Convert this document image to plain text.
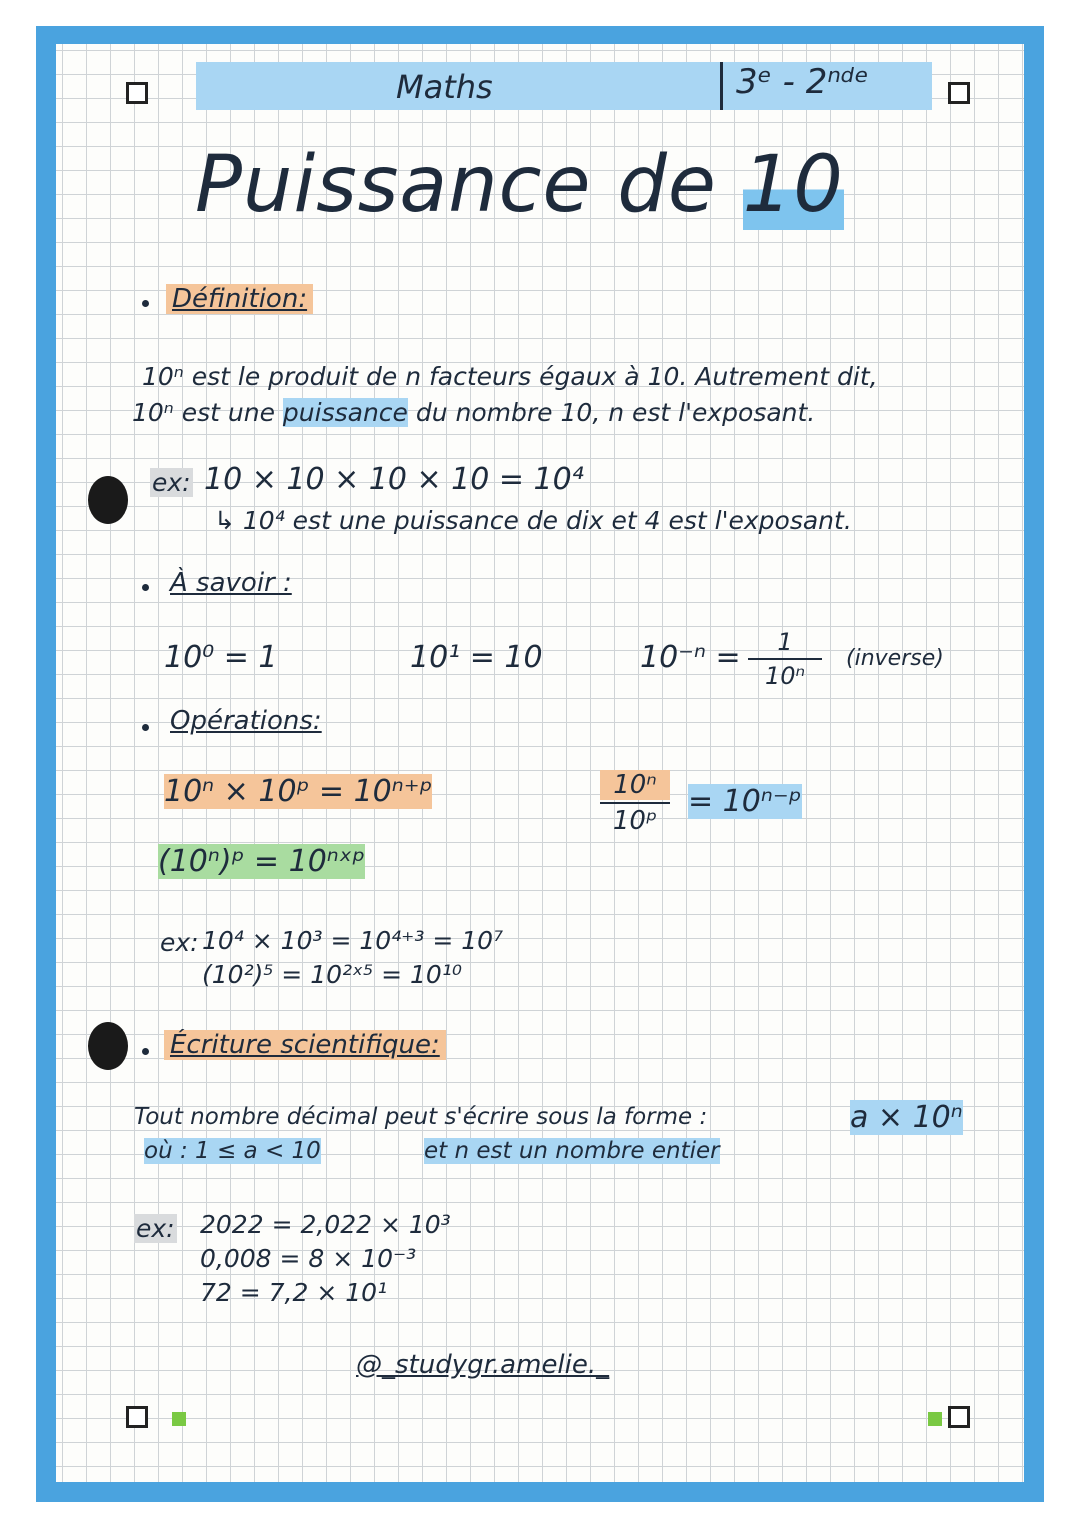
Maths	3ᵉ - 2ⁿᵈᵉ
Puissance de 10
Définition:
10ⁿ est le produit de n facteurs égaux à 10. Autrement dit,
10ⁿ est une puissance du nombre 10, n est l'exposant.
ex: 10 × 10 × 10 × 10 = 10⁴
↳ 10⁴ est une puissance de dix et 4 est l'exposant.
À savoir :
10⁰ = 1	10¹ = 10	10⁻ⁿ =	1
10ⁿ
(inverse)
Opérations:
10ⁿ × 10ᵖ = 10ⁿ⁺ᵖ
(10ⁿ)ᵖ = 10ⁿˣᵖ
10ⁿ
10ᵖ
= 10ⁿ⁻ᵖ
ex: 10⁴ × 10³ = 10⁴⁺³ = 10⁷
(10²)⁵ = 10²ˣ⁵ = 10¹⁰
Écriture scientifique:
Tout nombre décimal peut s'écrire sous la forme :	a × 10ⁿ
où : 1 ≤ a < 10	et n est un nombre entier
ex: 2022 = 2,022 × 10³
0,008 = 8 × 10⁻³
72 = 7,2 × 10¹
@_studygr.amelie._
